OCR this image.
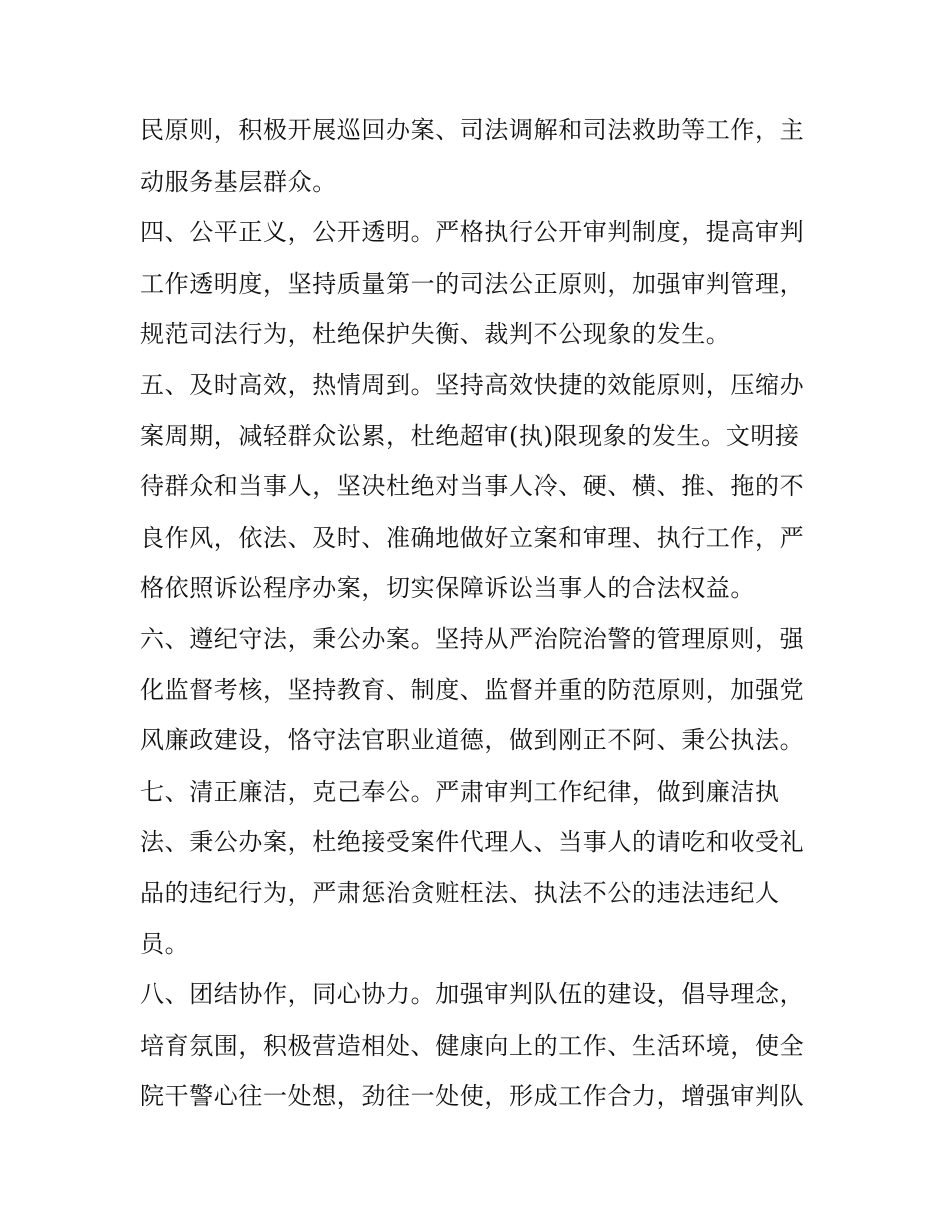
民原则，积极开展巡回办案、司法调解和司法救助等工作，主
动服务基层群众。
四、公平正义，公开透明。严格执行公开审判制度，提高审判
工作透明度，坚持质量第一的司法公正原则，加强审判管理，
规范司法行为，杜绝保护失衡、裁判不公现象的发生。
五、及时高效，热情周到。坚持高效快捷的效能原则，压缩办
案周期，减轻群众讼累，杜绝超审(执)限现象的发生。文明接
待群众和当事人，坚决杜绝对当事人冷、硬、横、推、拖的不
良作风，依法、及时、准确地做好立案和审理、执行工作，严
格依照诉讼程序办案，切实保障诉讼当事人的合法权益。
六、遵纪守法，秉公办案。坚持从严治院治警的管理原则，强
化监督考核，坚持教育、制度、监督并重的防范原则，加强党
风廉政建设，恪守法官职业道德，做到刚正不阿、秉公执法。
七、清正廉洁，克己奉公。严肃审判工作纪律，做到廉洁执
法、秉公办案，杜绝接受案件代理人、当事人的请吃和收受礼
品的违纪行为，严肃惩治贪赃枉法、执法不公的违法违纪人
员。
八、团结协作，同心协力。加强审判队伍的建设，倡导理念，
培育氛围，积极营造相处、健康向上的工作、生活环境，使全
院干警心往一处想，劲往一处使，形成工作合力，增强审判队
